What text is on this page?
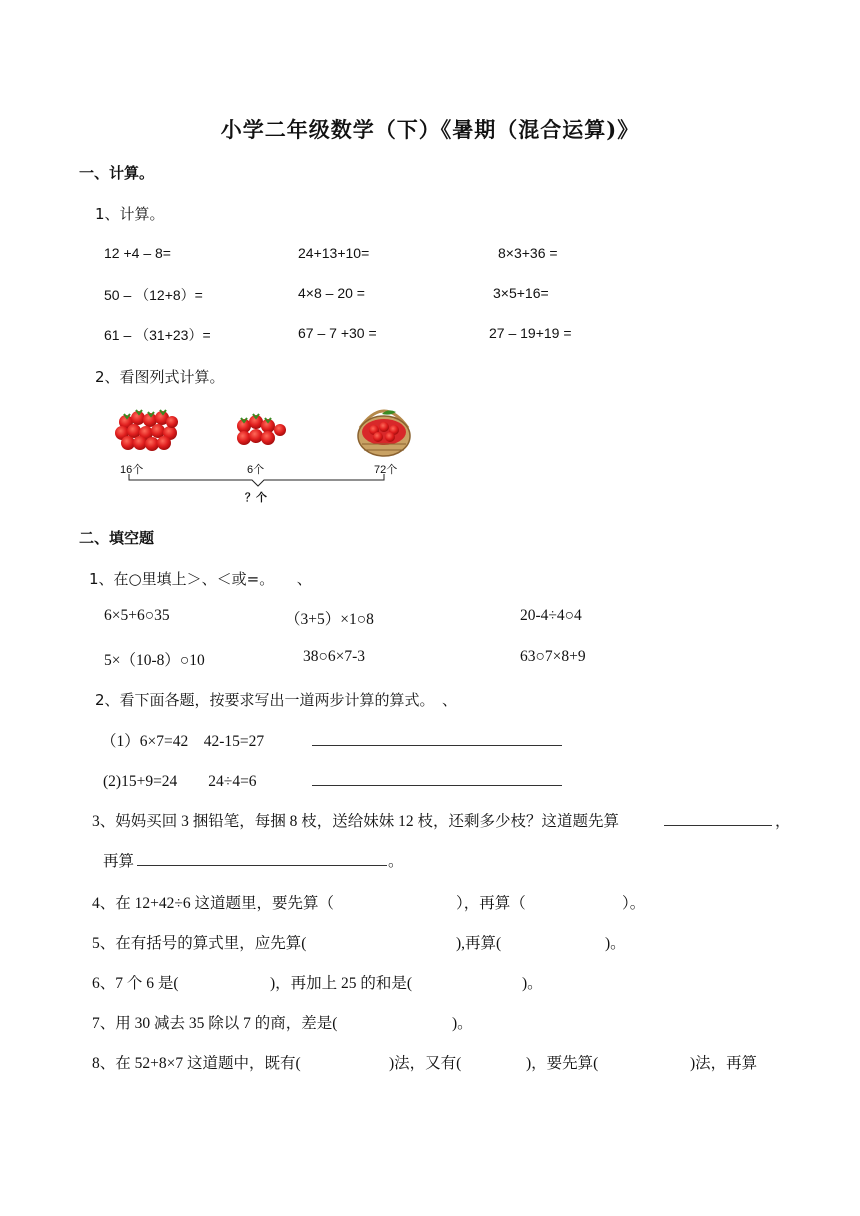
小学二年级数学（下）《暑期（混合运算)》
一、计算。
1、计算。
12 +4 – 8=	24+13+10=	8×3+36 =
50 – （12+8）=	4×8 – 20 =	3×5+16=
61 – （31+23）=	67 – 7 +30 =	27 – 19+19 =
2、看图列式计算。
16个	6个	72个
？个
二、填空题
1、在○里填上＞、＜或=。　　、
6×5+6○35	（3+5）×1○8	20-4÷4○4
5×（10-8）○10	38○6×7-3	63○7×8+9
2、看下面各题，按要求写出一道两步计算的算式。　、
（1）6×7=42　42-15=27
(2)15+9=24　　24÷4=6
3、妈妈买回 3 捆铅笔，每捆 8 枝，送给妹妹 12 枝，还剩多少枝？这道题先算	，
再算	。
4、在 12+42÷6 这道题里，要先算（	），再算（	）。
5、在有括号的算式里，应先算(	),再算(	)。
6、7 个 6 是(	)，再加上 25 的和是(	)。
7、用 30 减去 35 除以 7 的商，差是(	)。
8、在 52+8×7 这道题中，既有(	)法，又有(	)，要先算(	)法，再算
